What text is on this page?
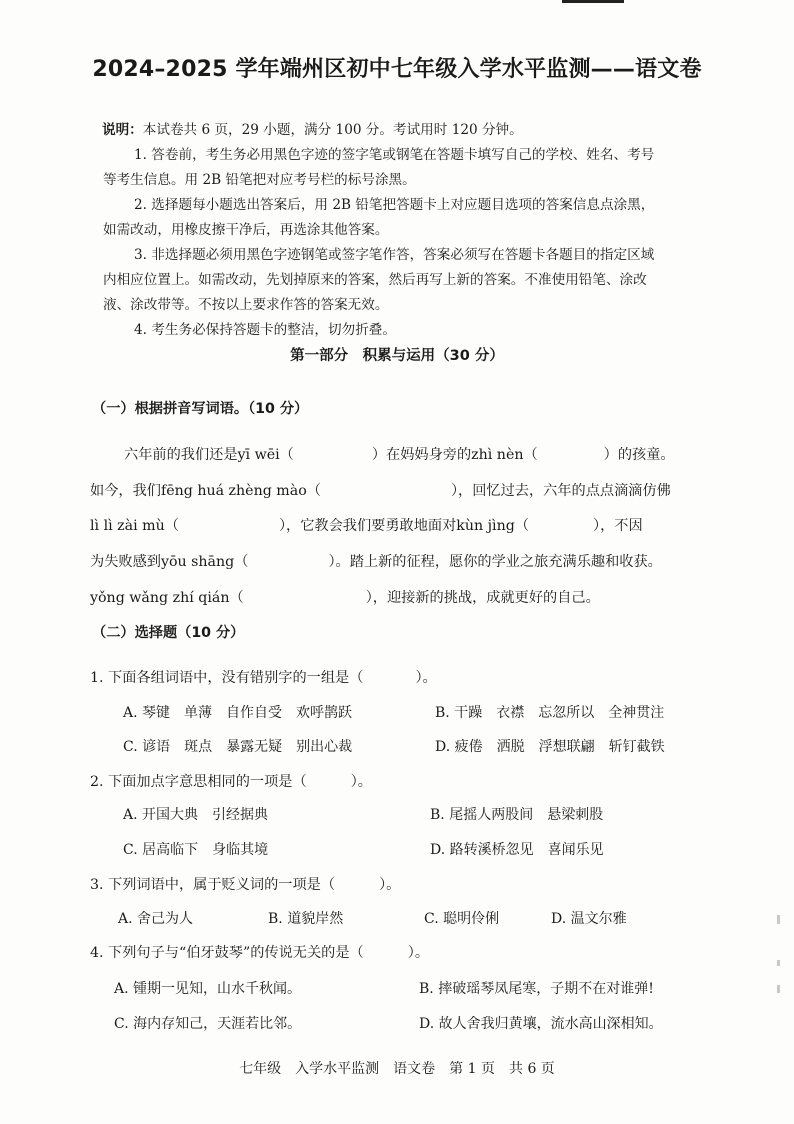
2024–2025 学年端州区初中七年级入学水平监测——语文卷
说明：本试卷共 6 页，29 小题，满分 100 分。考试用时 120 分钟。
1. 答卷前，考生务必用黑色字迹的签字笔或钢笔在答题卡填写自己的学校、姓名、考号
等考生信息。用 2B 铅笔把对应考号栏的标号涂黑。
2. 选择题每小题选出答案后，用 2B 铅笔把答题卡上对应题目选项的答案信息点涂黑，
如需改动，用橡皮擦干净后，再选涂其他答案。
3. 非选择题必须用黑色字迹钢笔或签字笔作答，答案必须写在答题卡各题目的指定区域
内相应位置上。如需改动，先划掉原来的答案，然后再写上新的答案。不准使用铅笔、涂改
液、涂改带等。不按以上要求作答的答案无效。
4. 考生务必保持答题卡的整洁，切勿折叠。
第一部分　积累与运用（30 分）
（一）根据拼音写词语。（10 分）
六年前的我们还是yī wēi（	）在妈妈身旁的zhì nèn（	）的孩童。
如今，我们fēng huá zhèng mào（	），回忆过去，六年的点点滴滴仿佛
lì lì zài mù（	），它教会我们要勇敢地面对kùn jìng（	），不因
为失败感到yōu shāng（	）。踏上新的征程，愿你的学业之旅充满乐趣和收获。
yǒng wǎng zhí qián（	），迎接新的挑战，成就更好的自己。
（二）选择题（10 分）
1. 下面各组词语中，没有错别字的一组是（	）。
A. 琴键　单薄　自作自受　欢呼鹊跃	B. 干躁　衣襟　忘忽所以　全神贯注
C. 谚语　斑点　暴露无疑　别出心裁	D. 疲倦　洒脱　浮想联翩　斩钉截铁
2. 下面加点字意思相同的一项是（	）。
A. 开国大典　引经据典	B. 尾摇人两股间　悬梁刺股
C. 居高临下　身临其境	D. 路转溪桥忽见　喜闻乐见
3. 下列词语中，属于贬义词的一项是（	）。
A. 舍己为人	B. 道貌岸然	C. 聪明伶俐	D. 温文尔雅
4. 下列句子与“伯牙鼓琴”的传说无关的是（	）。
A. 锺期一见知，山水千秋闻。	B. 摔破瑶琴凤尾寒，子期不在对谁弹!
C. 海内存知己，天涯若比邻。	D. 故人舍我归黄壤，流水高山深相知。
七年级　入学水平监测　语文卷　第 1 页　共 6 页
